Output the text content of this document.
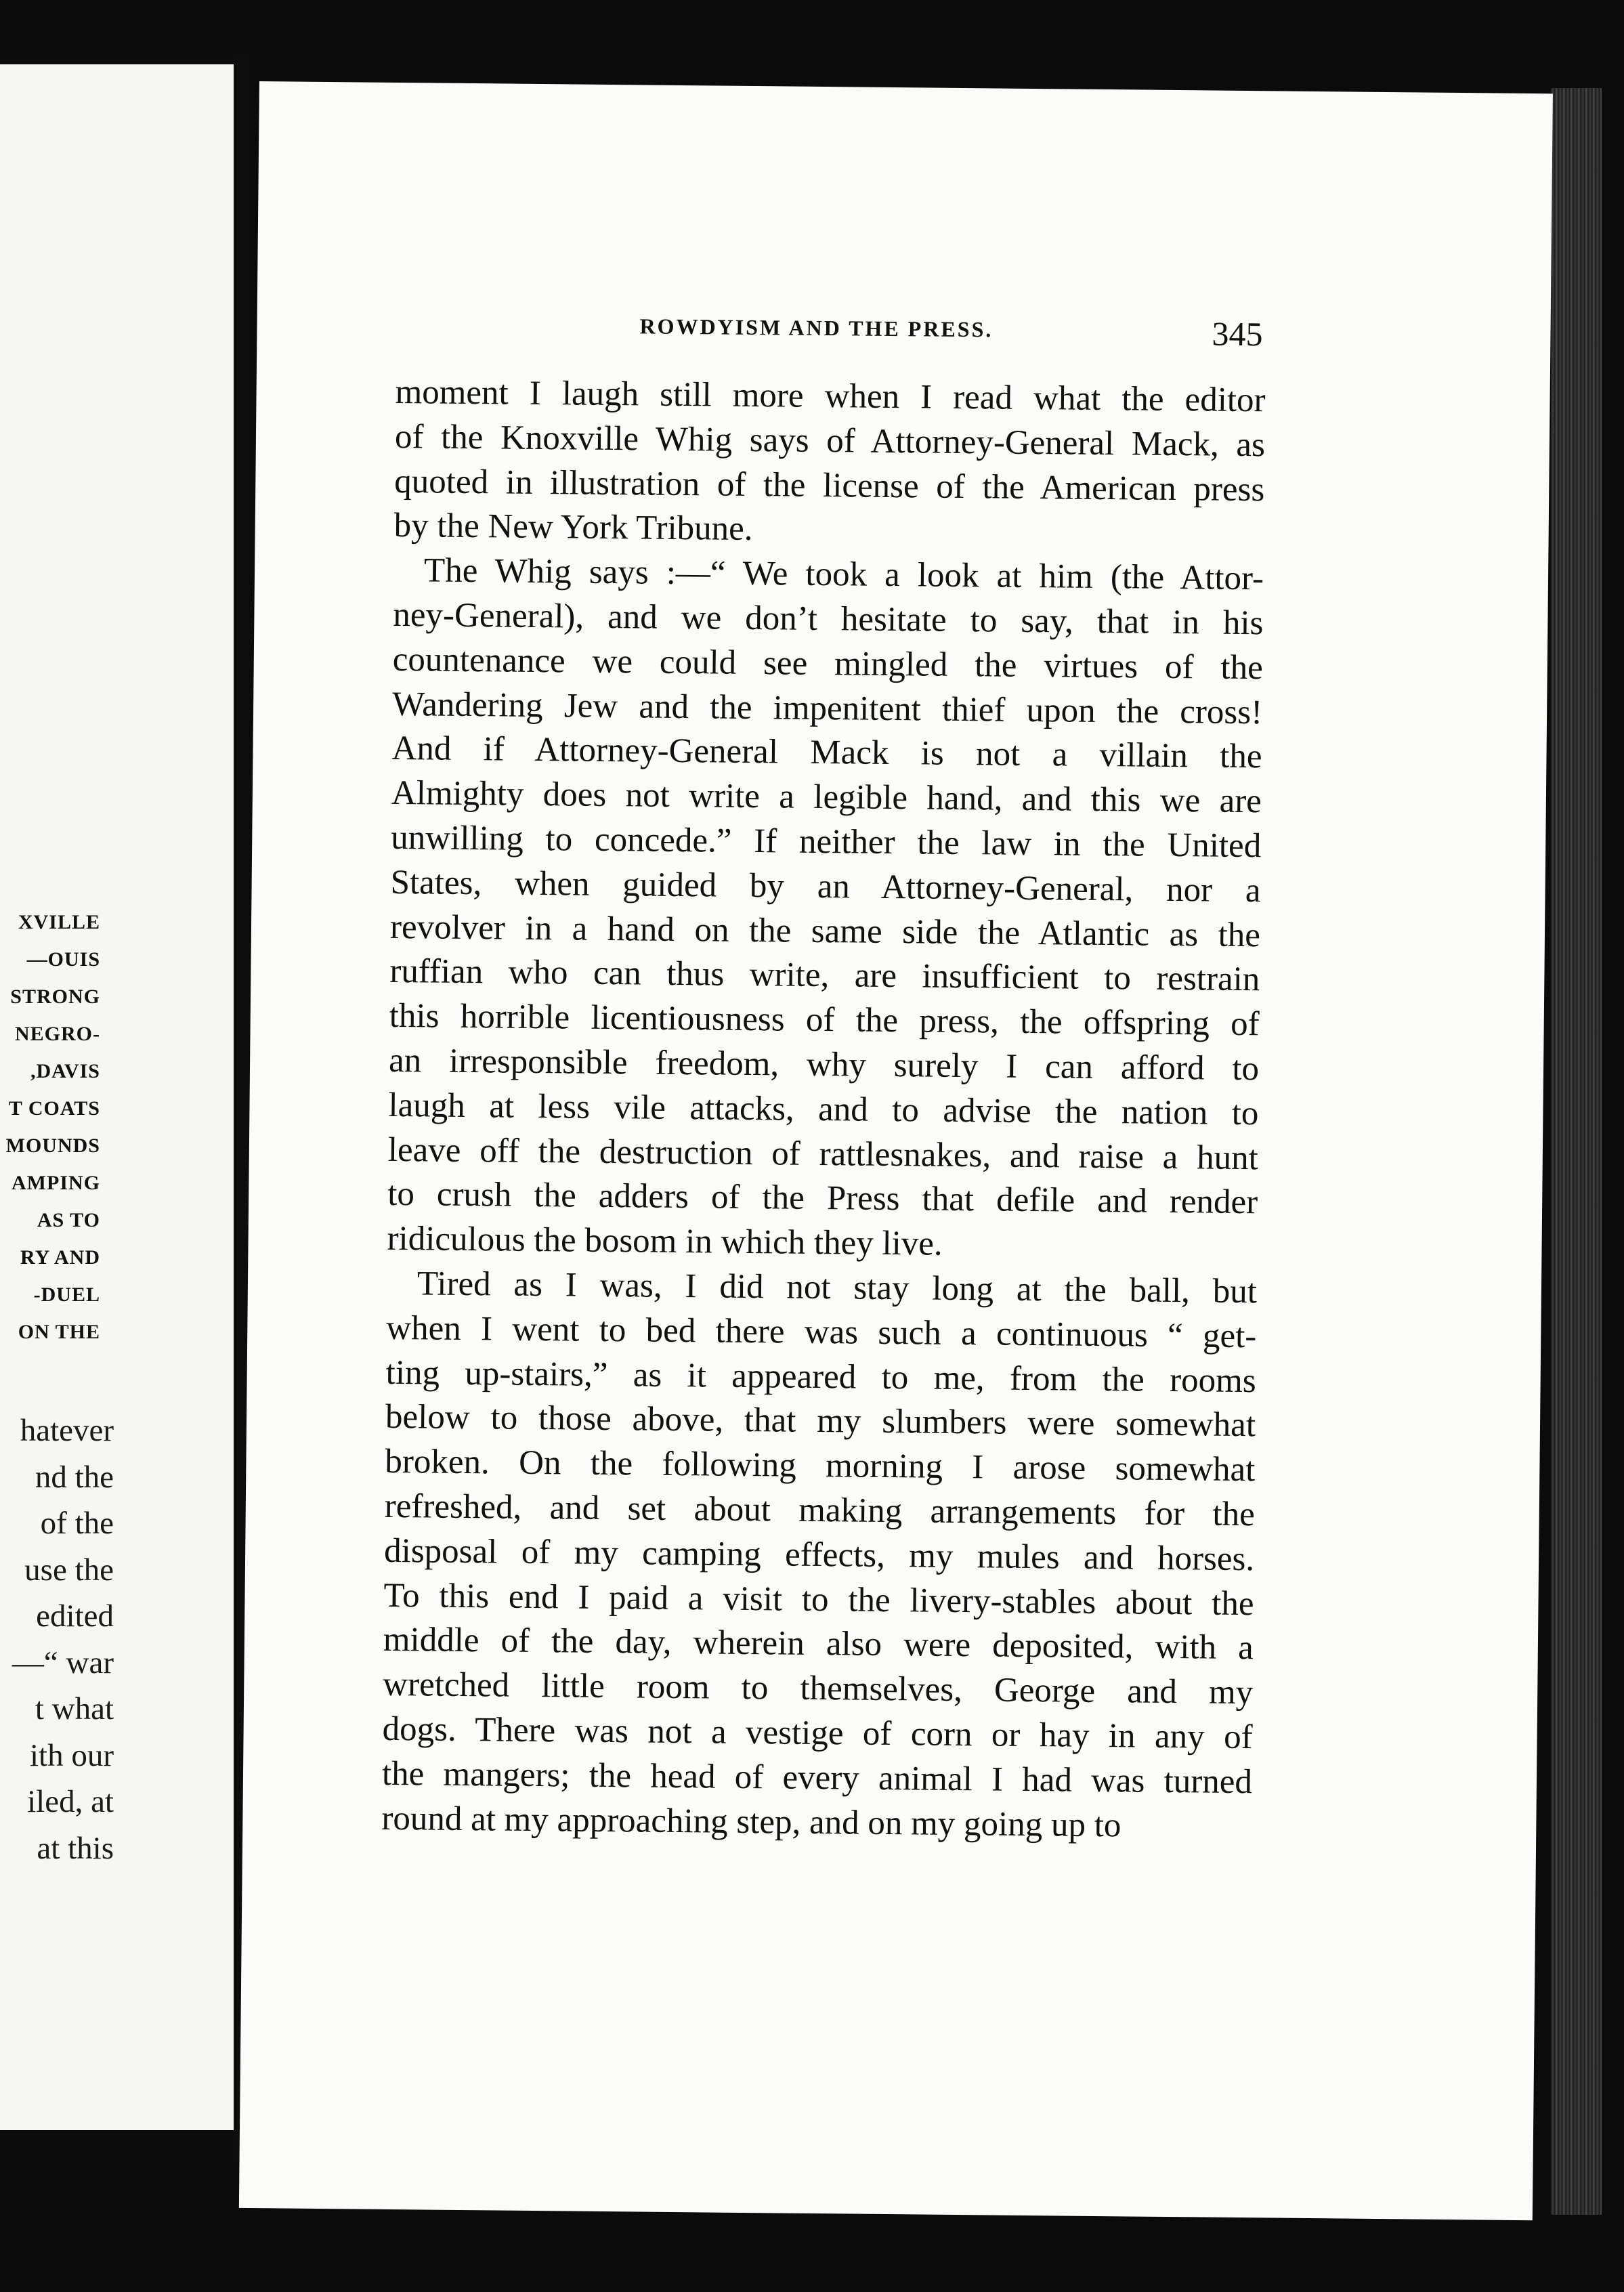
XVILLE
OUIS—
STRONG
-NEGRO
DAVIS,
T COATS
MOUNDS
AMPING
AS TO
RY AND
DUEL-
ON THE
hatever
nd the
of the
use the
edited
—“ war
t what
ith our
iled, at
at this
ROWDYISM AND THE PRESS.	345
moment I laugh still more when I read what the editor
of the Knoxville Whig says of Attorney-General Mack, as
quoted in illustration of the license of the American press
by the New York Tribune.
The Whig says :—“ We took a look at him (the Attor-
ney-General), and we don’t hesitate to say, that in his
countenance we could see mingled the virtues of the
Wandering Jew and the impenitent thief upon the cross!
And if Attorney-General Mack is not a villain the
Almighty does not write a legible hand, and this we are
unwilling to concede.” If neither the law in the United
States, when guided by an Attorney-General, nor a
revolver in a hand on the same side the Atlantic as the
ruffian who can thus write, are insufficient to restrain
this horrible licentiousness of the press, the offspring of
an irresponsible freedom, why surely I can afford to
laugh at less vile attacks, and to advise the nation to
leave off the destruction of rattlesnakes, and raise a hunt
to crush the adders of the Press that defile and render
ridiculous the bosom in which they live.
Tired as I was, I did not stay long at the ball, but
when I went to bed there was such a continuous “ get-
ting up-stairs,” as it appeared to me, from the rooms
below to those above, that my slumbers were somewhat
broken. On the following morning I arose somewhat
refreshed, and set about making arrangements for the
disposal of my camping effects, my mules and horses.
To this end I paid a visit to the livery-stables about the
middle of the day, wherein also were deposited, with a
wretched little room to themselves, George and my
dogs. There was not a vestige of corn or hay in any of
the mangers; the head of every animal I had was turned
round at my approaching step, and on my going up to
